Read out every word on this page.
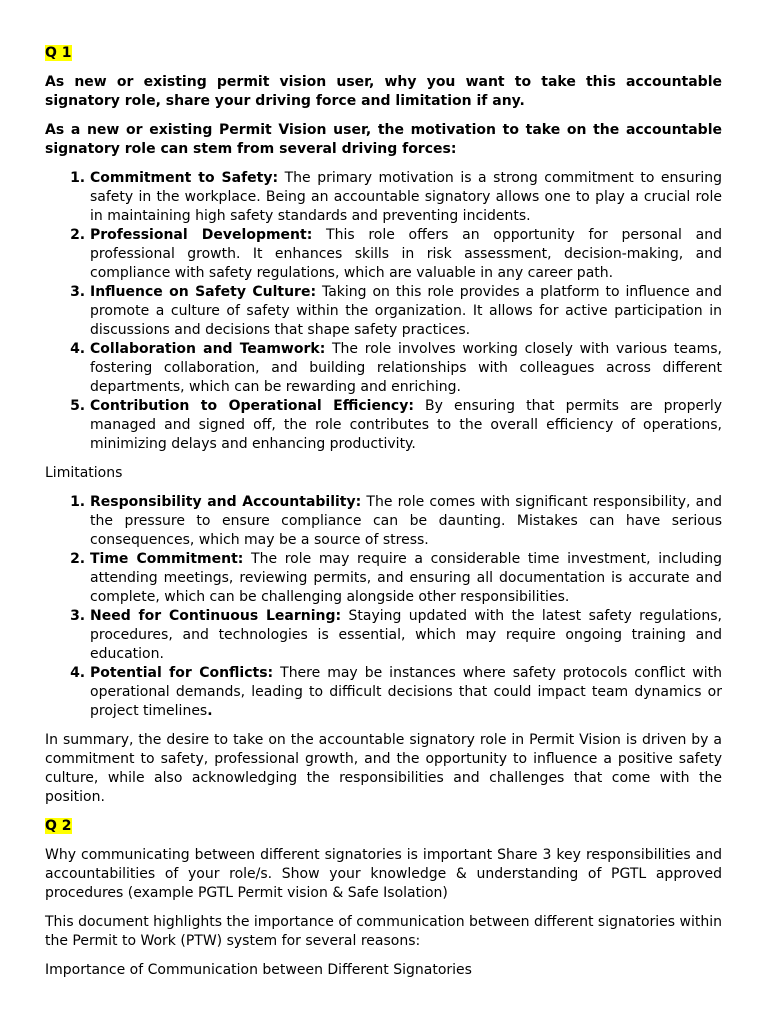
Q 1

As new or existing permit vision user, why you want to take this accountable signatory role, share your driving force and limitation if any.

As a new or existing Permit Vision user, the motivation to take on the accountable signatory role can stem from several driving forces:

1. Commitment to Safety: The primary motivation is a strong commitment to ensuring safety in the workplace. Being an accountable signatory allows one to play a crucial role in maintaining high safety standards and preventing incidents.
2. Professional Development: This role offers an opportunity for personal and professional growth. It enhances skills in risk assessment, decision-making, and compliance with safety regulations, which are valuable in any career path.
3. Influence on Safety Culture: Taking on this role provides a platform to influence and promote a culture of safety within the organization. It allows for active participation in discussions and decisions that shape safety practices.
4. Collaboration and Teamwork: The role involves working closely with various teams, fostering collaboration, and building relationships with colleagues across different departments, which can be rewarding and enriching.
5. Contribution to Operational Efficiency: By ensuring that permits are properly managed and signed off, the role contributes to the overall efficiency of operations, minimizing delays and enhancing productivity.

Limitations

1. Responsibility and Accountability: The role comes with significant responsibility, and the pressure to ensure compliance can be daunting. Mistakes can have serious consequences, which may be a source of stress.
2. Time Commitment: The role may require a considerable time investment, including attending meetings, reviewing permits, and ensuring all documentation is accurate and complete, which can be challenging alongside other responsibilities.
3. Need for Continuous Learning: Staying updated with the latest safety regulations, procedures, and technologies is essential, which may require ongoing training and education.
4. Potential for Conflicts: There may be instances where safety protocols conflict with operational demands, leading to difficult decisions that could impact team dynamics or project timelines.

In summary, the desire to take on the accountable signatory role in Permit Vision is driven by a commitment to safety, professional growth, and the opportunity to influence a positive safety culture, while also acknowledging the responsibilities and challenges that come with the position.

Q 2

Why communicating between different signatories is important Share 3 key responsibilities and accountabilities of your role/s. Show your knowledge & understanding of PGTL approved procedures (example PGTL Permit vision & Safe Isolation)

This document highlights the importance of communication between different signatories within the Permit to Work (PTW) system for several reasons:

Importance of Communication between Different Signatories
